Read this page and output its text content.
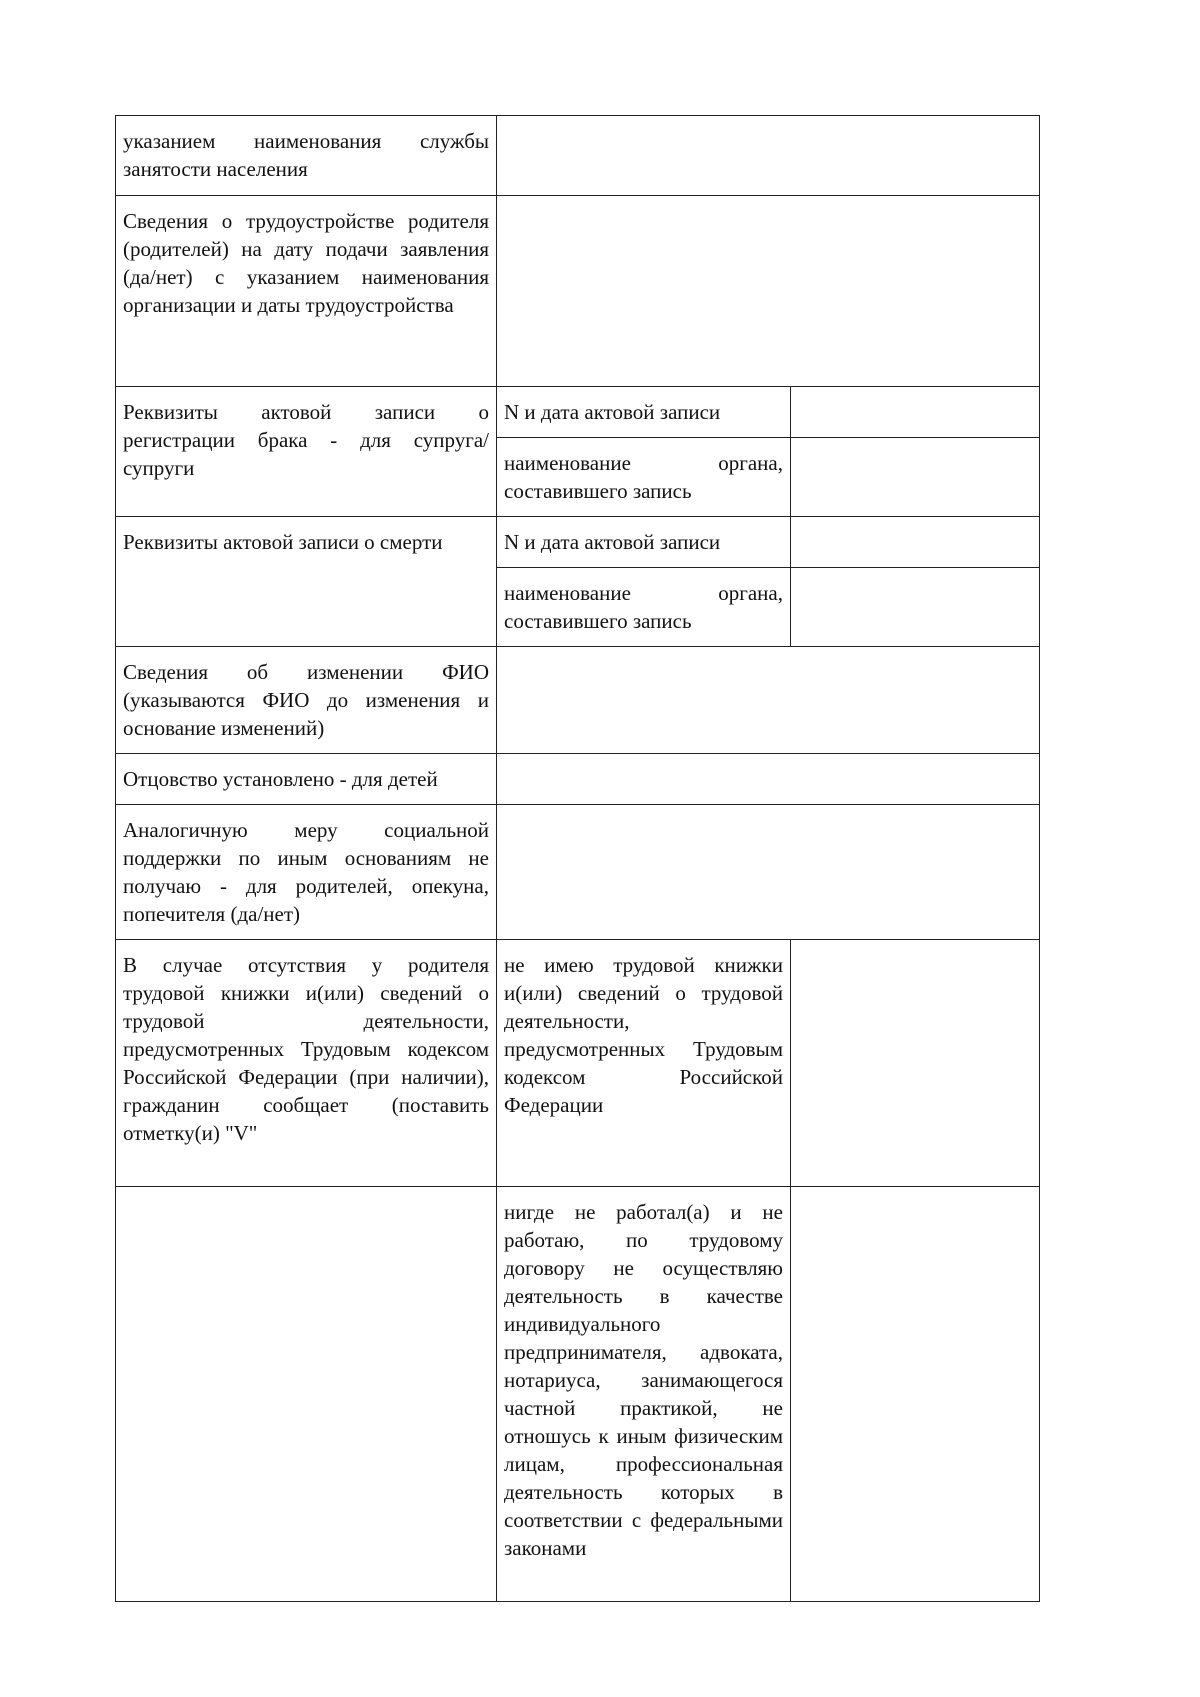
указанием наименования службы занятости населения		
Сведения о трудоустройстве родителя (родителей) на дату подачи заявления (да/нет) с указанием наименования организации и даты трудоустройства		
Реквизиты актовой записи о регистрации брака - для супруга/супруги	N и дата актовой записи	
	наименование органа, составившего запись	
Реквизиты актовой записи о смерти	N и дата актовой записи	
	наименование органа, составившего запись	
Сведения об изменении ФИО (указываются ФИО до изменения и основание изменений)		
Отцовство установлено - для детей		
Аналогичную меру социальной поддержки по иным основаниям не получаю - для родителей, опекуна, попечителя (да/нет)		
В случае отсутствия у родителя трудовой книжки и(или) сведений о трудовой деятельности, предусмотренных Трудовым кодексом Российской Федерации (при наличии), гражданин сообщает (поставить отметку(и) "V"	не имею трудовой книжки и(или) сведений о трудовой деятельности, предусмотренных Трудовым кодексом Российской Федерации	
	нигде не работал(а) и не работаю, по трудовому договору не осуществляю деятельность в качестве индивидуального предпринимателя, адвоката, нотариуса, занимающегося частной практикой, не отношусь к иным физическим лицам, профессиональная деятельность которых в соответствии с федеральными законами	
